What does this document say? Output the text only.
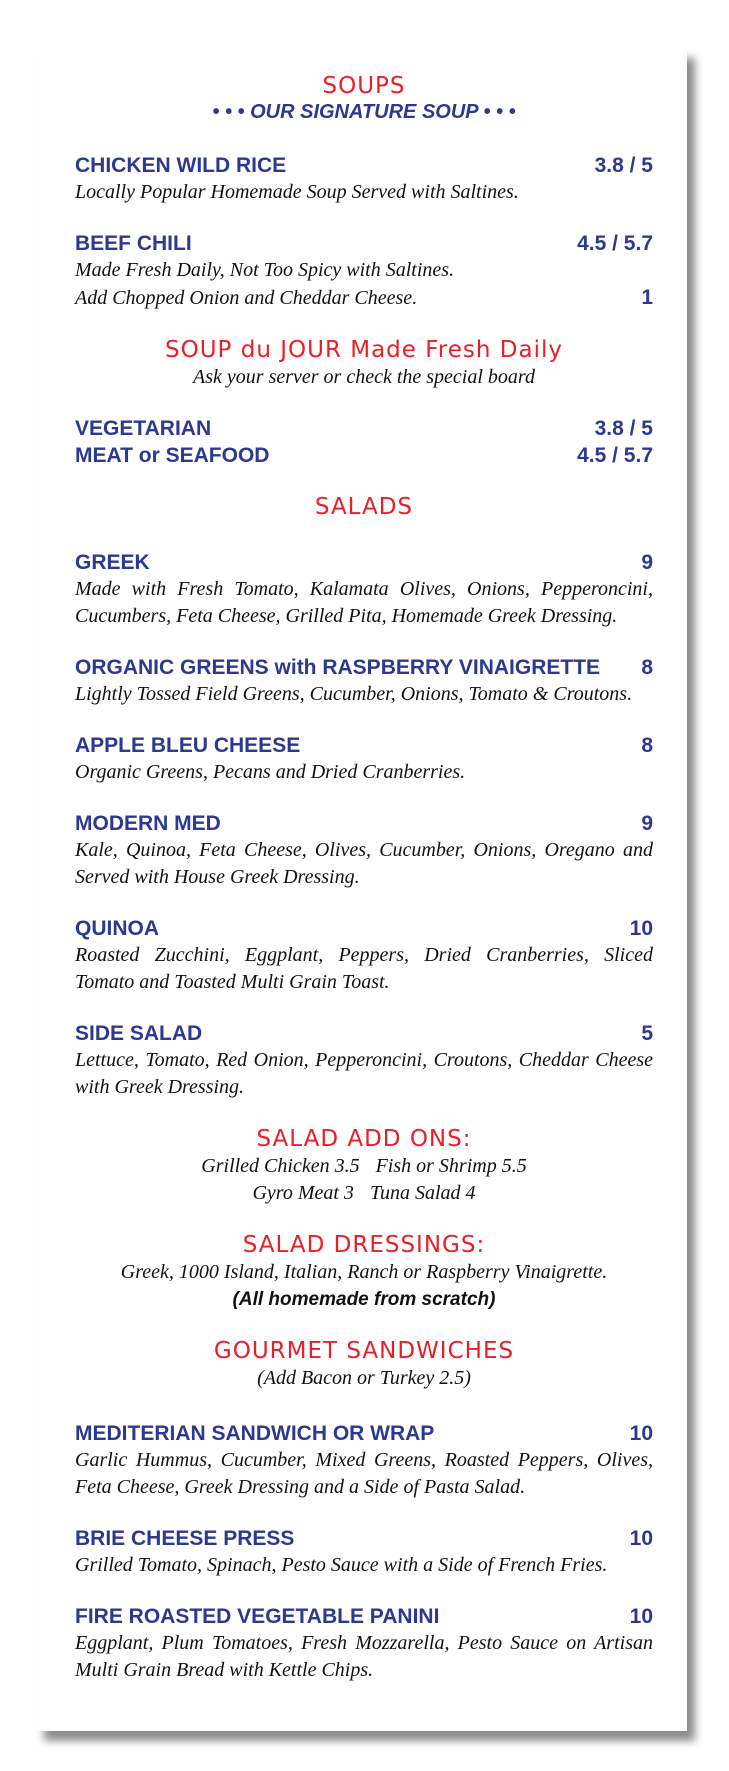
SOUPS
• • • OUR SIGNATURE SOUP • • •
CHICKEN WILD RICE	3.8 / 5
Locally Popular Homemade Soup Served with Saltines.
BEEF CHILI	4.5 / 5.7
Made Fresh Daily, Not Too Spicy with Saltines.
Add Chopped Onion and Cheddar Cheese.	1
SOUP du JOUR Made Fresh Daily
Ask your server or check the special board
VEGETARIAN	3.8 / 5
MEAT or SEAFOOD	4.5 / 5.7
SALADS
GREEK	9
Made with Fresh Tomato, Kalamata Olives, Onions, Pepperoncini, Cucumbers, Feta Cheese, Grilled Pita, Homemade Greek Dressing.
ORGANIC GREENS with RASPBERRY VINAIGRETTE 8
Lightly Tossed Field Greens, Cucumber, Onions, Tomato & Croutons.
APPLE BLEU CHEESE	8
Organic Greens, Pecans and Dried Cranberries.
MODERN MED	9
Kale, Quinoa, Feta Cheese, Olives, Cucumber, Onions, Oregano and Served with House Greek Dressing.
QUINOA	10
Roasted Zucchini, Eggplant, Peppers, Dried Cranberries, Sliced Tomato and Toasted Multi Grain Toast.
SIDE SALAD	5
Lettuce, Tomato, Red Onion, Pepperoncini, Croutons, Cheddar Cheese with Greek Dressing.
SALAD ADD ONS:
Grilled Chicken 3.5 Fish or Shrimp 5.5
Gyro Meat 3 Tuna Salad 4
SALAD DRESSINGS:
Greek, 1000 Island, Italian, Ranch or Raspberry Vinaigrette.
(All homemade from scratch)
GOURMET SANDWICHES
(Add Bacon or Turkey 2.5)
MEDITERIAN SANDWICH OR WRAP	10
Garlic Hummus, Cucumber, Mixed Greens, Roasted Peppers, Olives, Feta Cheese, Greek Dressing and a Side of Pasta Salad.
BRIE CHEESE PRESS	10
Grilled Tomato, Spinach, Pesto Sauce with a Side of French Fries.
FIRE ROASTED VEGETABLE PANINI	10
Eggplant, Plum Tomatoes, Fresh Mozzarella, Pesto Sauce on Artisan Multi Grain Bread with Kettle Chips.
